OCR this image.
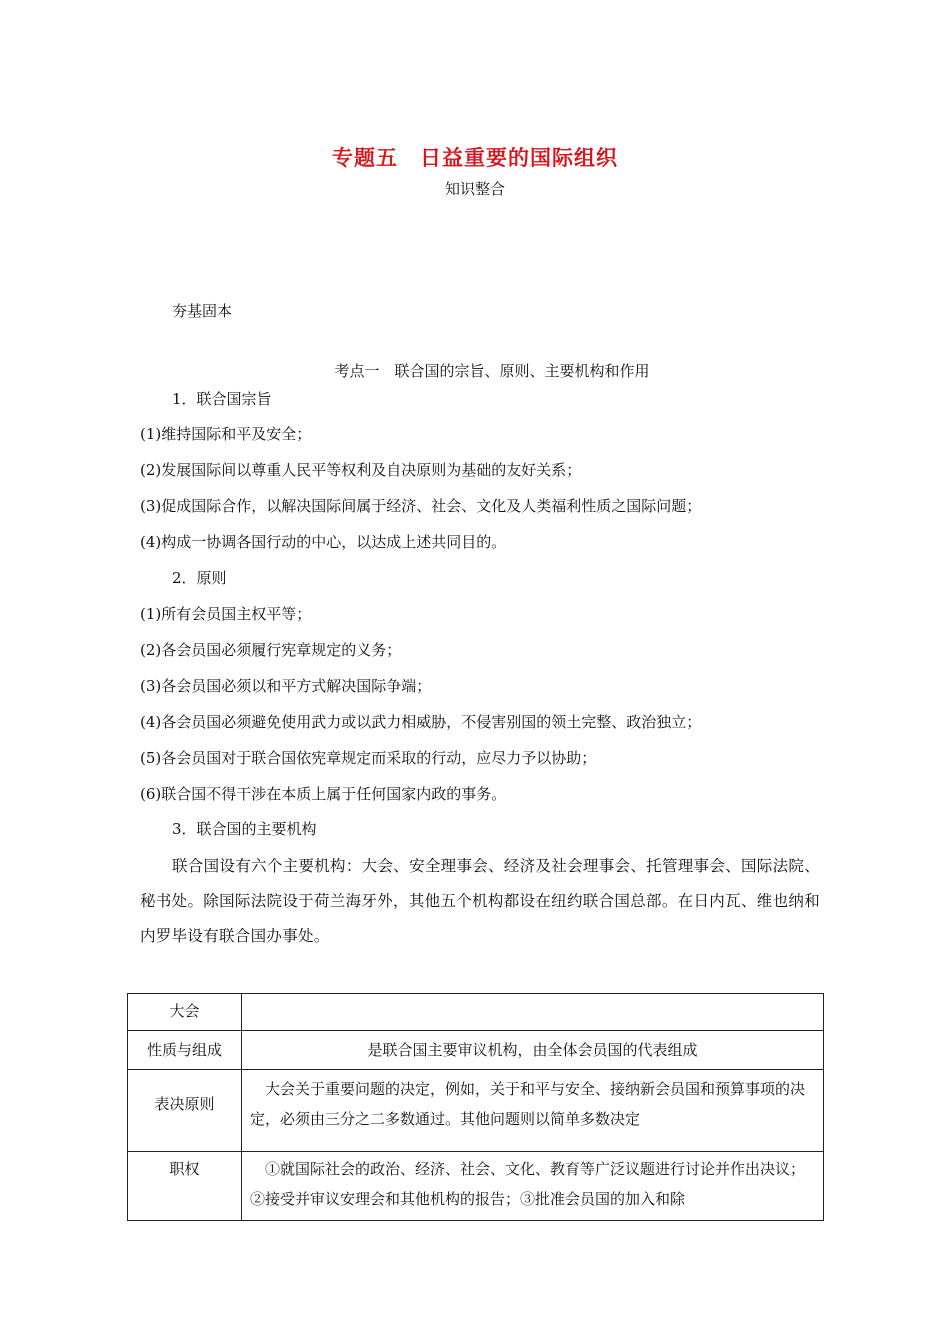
专题五　日益重要的国际组织
知识整合
夯基固本
考点一　联合国的宗旨、原则、主要机构和作用
1．联合国宗旨
(1)维持国际和平及安全；
(2)发展国际间以尊重人民平等权利及自决原则为基础的友好关系；
(3)促成国际合作，以解决国际间属于经济、社会、文化及人类福利性质之国际问题；
(4)构成一协调各国行动的中心，以达成上述共同目的。
2．原则
(1)所有会员国主权平等；
(2)各会员国必须履行宪章规定的义务；
(3)各会员国必须以和平方式解决国际争端；
(4)各会员国必须避免使用武力或以武力相威胁，不侵害别国的领土完整、政治独立；
(5)各会员国对于联合国依宪章规定而采取的行动，应尽力予以协助；
(6)联合国不得干涉在本质上属于任何国家内政的事务。
3．联合国的主要机构
联合国设有六个主要机构：大会、安全理事会、经济及社会理事会、托管理事会、国际法院、秘书处。除国际法院设于荷兰海牙外，其他五个机构都设在纽约联合国总部。在日内瓦、维也纳和内罗毕设有联合国办事处。
大会	
性质与组成	是联合国主要审议机构，由全体会员国的代表组成
表决原则	大会关于重要问题的决定，例如，关于和平与安全、接纳新会员国和预算事项的决定，必须由三分之二多数通过。其他问题则以简单多数决定
职权	①就国际社会的政治、经济、社会、文化、教育等广泛议题进行讨论并作出决议；②接受并审议安理会和其他机构的报告；③批准会员国的加入和除
